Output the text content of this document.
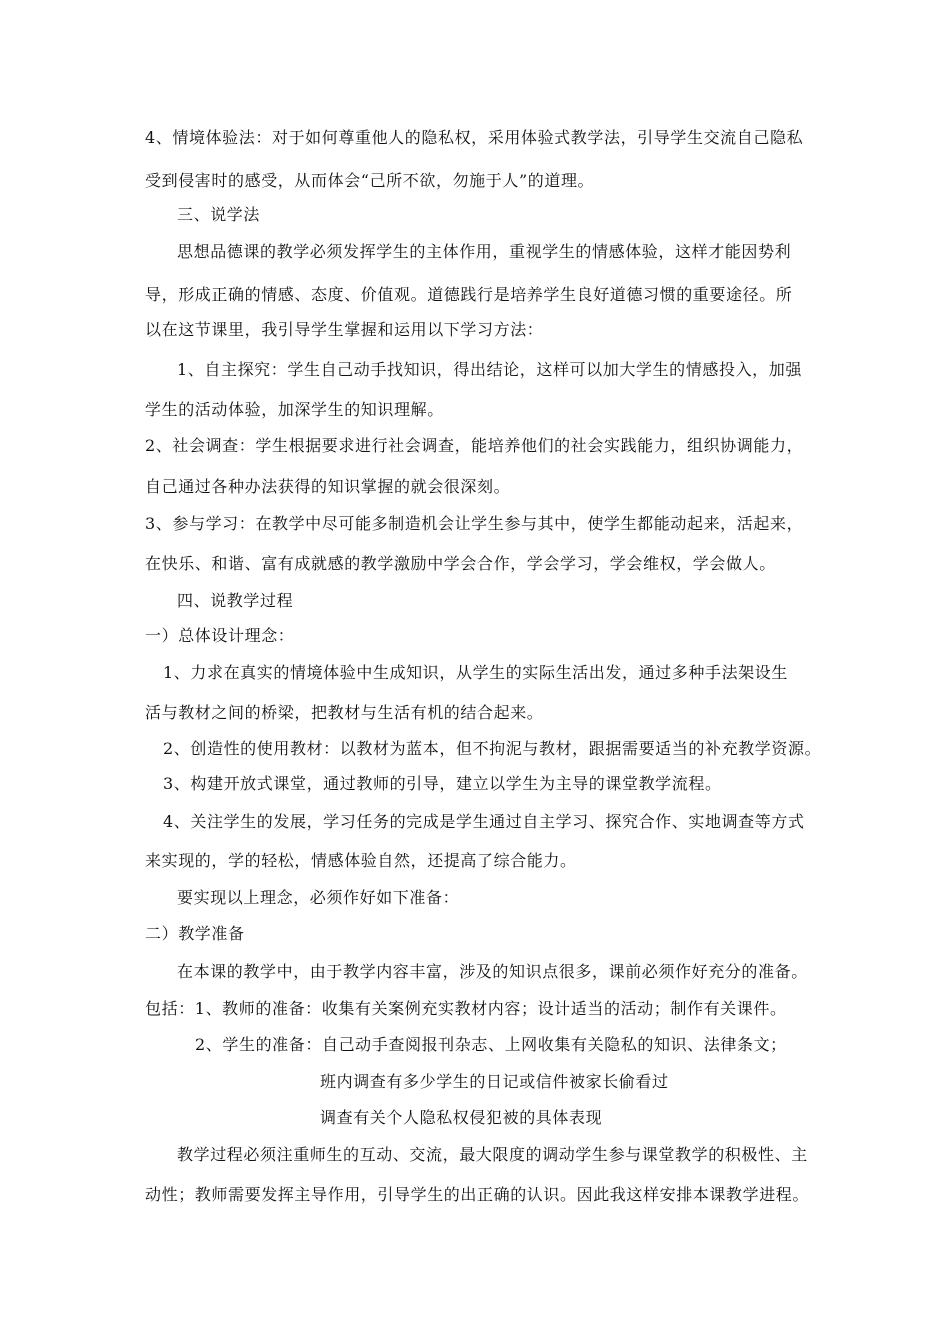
4、情境体验法：对于如何尊重他人的隐私权，采用体验式教学法，引导学生交流自己隐私
受到侵害时的感受，从而体会“己所不欲，勿施于人”的道理。
三、说学法
思想品德课的教学必须发挥学生的主体作用，重视学生的情感体验，这样才能因势利
导，形成正确的情感、态度、价值观。道德践行是培养学生良好道德习惯的重要途径。所
以在这节课里，我引导学生掌握和运用以下学习方法：
1、自主探究：学生自己动手找知识，得出结论，这样可以加大学生的情感投入，加强
学生的活动体验，加深学生的知识理解。
2、社会调查：学生根据要求进行社会调查，能培养他们的社会实践能力，组织协调能力，
自己通过各种办法获得的知识掌握的就会很深刻。
3、参与学习：在教学中尽可能多制造机会让学生参与其中，使学生都能动起来，活起来，
在快乐、和谐、富有成就感的教学激励中学会合作，学会学习，学会维权，学会做人。
四、说教学过程
一）总体设计理念：
1、力求在真实的情境体验中生成知识，从学生的实际生活出发，通过多种手法架设生
活与教材之间的桥梁，把教材与生活有机的结合起来。
2、创造性的使用教材：以教材为蓝本，但不拘泥与教材，跟据需要适当的补充教学资源。
3、构建开放式课堂，通过教师的引导，建立以学生为主导的课堂教学流程。
4、关注学生的发展，学习任务的完成是学生通过自主学习、探究合作、实地调查等方式
来实现的，学的轻松，情感体验自然，还提高了综合能力。
要实现以上理念，必须作好如下准备：
二）教学准备
在本课的教学中，由于教学内容丰富，涉及的知识点很多，课前必须作好充分的准备。
包括：1、教师的准备：收集有关案例充实教材内容；设计适当的活动；制作有关课件。
2、学生的准备：自己动手查阅报刊杂志、上网收集有关隐私的知识、法律条文；
班内调查有多少学生的日记或信件被家长偷看过
调查有关个人隐私权侵犯被的具体表现
教学过程必须注重师生的互动、交流，最大限度的调动学生参与课堂教学的积极性、主
动性；教师需要发挥主导作用，引导学生的出正确的认识。因此我这样安排本课教学进程。
